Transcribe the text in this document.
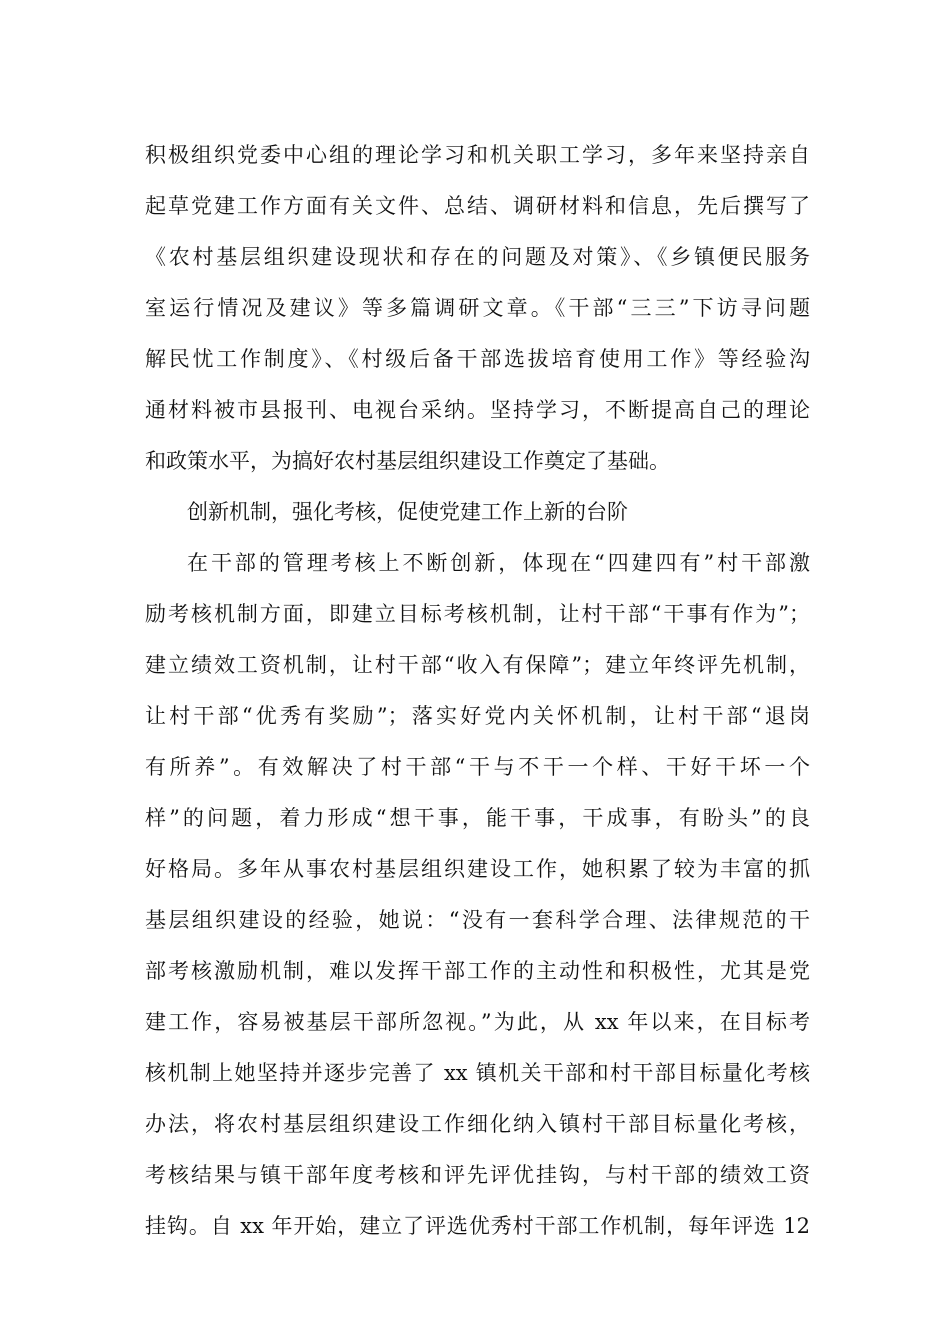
积极组织党委中心组的理论学习和机关职工学习，多年来坚持亲自
起草党建工作方面有关文件、总结、调研材料和信息，先后撰写了
《农村基层组织建设现状和存在的问题及对策》、《乡镇便民服务
室运行情况及建议》等多篇调研文章。《干部“三三”下访寻问题
解民忧工作制度》、《村级后备干部选拔培育使用工作》等经验沟
通材料被市县报刊、电视台采纳。坚持学习，不断提高自己的理论
和政策水平，为搞好农村基层组织建设工作奠定了基础。
创新机制，强化考核，促使党建工作上新的台阶
在干部的管理考核上不断创新，体现在“四建四有”村干部激
励考核机制方面，即建立目标考核机制，让村干部“干事有作为”；
建立绩效工资机制，让村干部“收入有保障”；建立年终评先机制，
让村干部“优秀有奖励”；落实好党内关怀机制，让村干部“退岗
有所养”。有效解决了村干部“干与不干一个样、干好干坏一个
样”的问题，着力形成“想干事，能干事，干成事，有盼头”的良
好格局。多年从事农村基层组织建设工作，她积累了较为丰富的抓
基层组织建设的经验，她说：“没有一套科学合理、法律规范的干
部考核激励机制，难以发挥干部工作的主动性和积极性，尤其是党
建工作，容易被基层干部所忽视。”为此，从 xx 年以来，在目标考
核机制上她坚持并逐步完善了 xx 镇机关干部和村干部目标量化考核
办法，将农村基层组织建设工作细化纳入镇村干部目标量化考核，
考核结果与镇干部年度考核和评先评优挂钩，与村干部的绩效工资
挂钩。自 xx 年开始，建立了评选优秀村干部工作机制，每年评选 12
